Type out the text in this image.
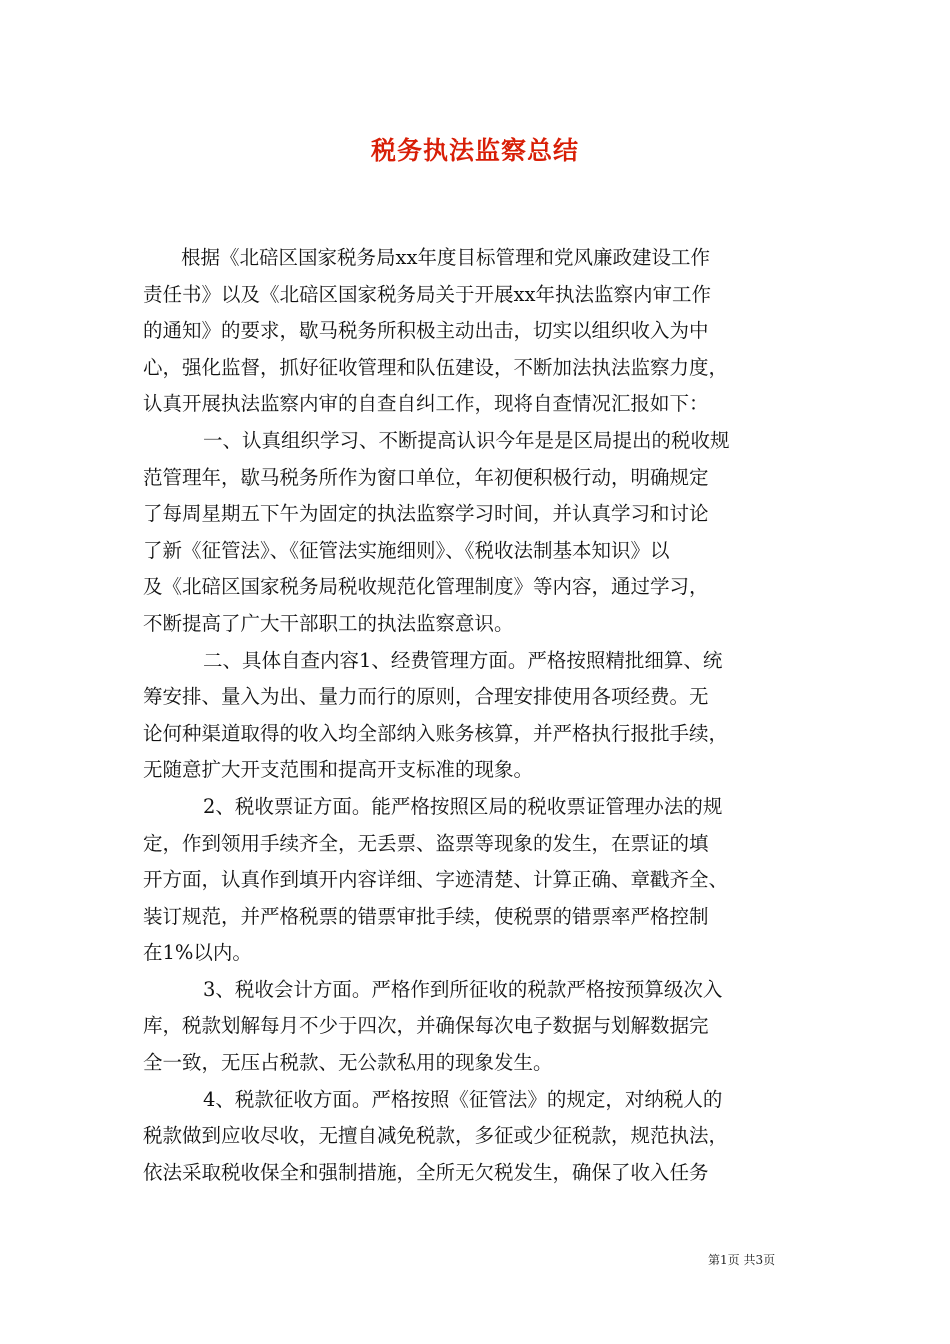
税务执法监察总结
根据《北碚区国家税务局xx年度目标管理和党风廉政建设工作
责任书》以及《北碚区国家税务局关于开展xx年执法监察内审工作
的通知》的要求，歇马税务所积极主动出击，切实以组织收入为中
心，强化监督，抓好征收管理和队伍建设，不断加法执法监察力度，
认真开展执法监察内审的自查自纠工作，现将自查情况汇报如下：
一、认真组织学习、不断提高认识今年是是区局提出的税收规
范管理年，歇马税务所作为窗口单位，年初便积极行动，明确规定
了每周星期五下午为固定的执法监察学习时间，并认真学习和讨论
了新《征管法》、《征管法实施细则》、《税收法制基本知识》以
及《北碚区国家税务局税收规范化管理制度》等内容，通过学习，
不断提高了广大干部职工的执法监察意识。
二、具体自查内容1、经费管理方面。严格按照精批细算、统
筹安排、量入为出、量力而行的原则，合理安排使用各项经费。无
论何种渠道取得的收入均全部纳入账务核算，并严格执行报批手续，
无随意扩大开支范围和提高开支标准的现象。
2、税收票证方面。能严格按照区局的税收票证管理办法的规
定，作到领用手续齐全，无丢票、盗票等现象的发生，在票证的填
开方面，认真作到填开内容详细、字迹清楚、计算正确、章戳齐全、
装订规范，并严格税票的错票审批手续，使税票的错票率严格控制
在1%以内。
3、税收会计方面。严格作到所征收的税款严格按预算级次入
库，税款划解每月不少于四次，并确保每次电子数据与划解数据完
全一致，无压占税款、无公款私用的现象发生。
4、税款征收方面。严格按照《征管法》的规定，对纳税人的
税款做到应收尽收，无擅自减免税款，多征或少征税款，规范执法，
依法采取税收保全和强制措施，全所无欠税发生，确保了收入任务
第1页 共3页
